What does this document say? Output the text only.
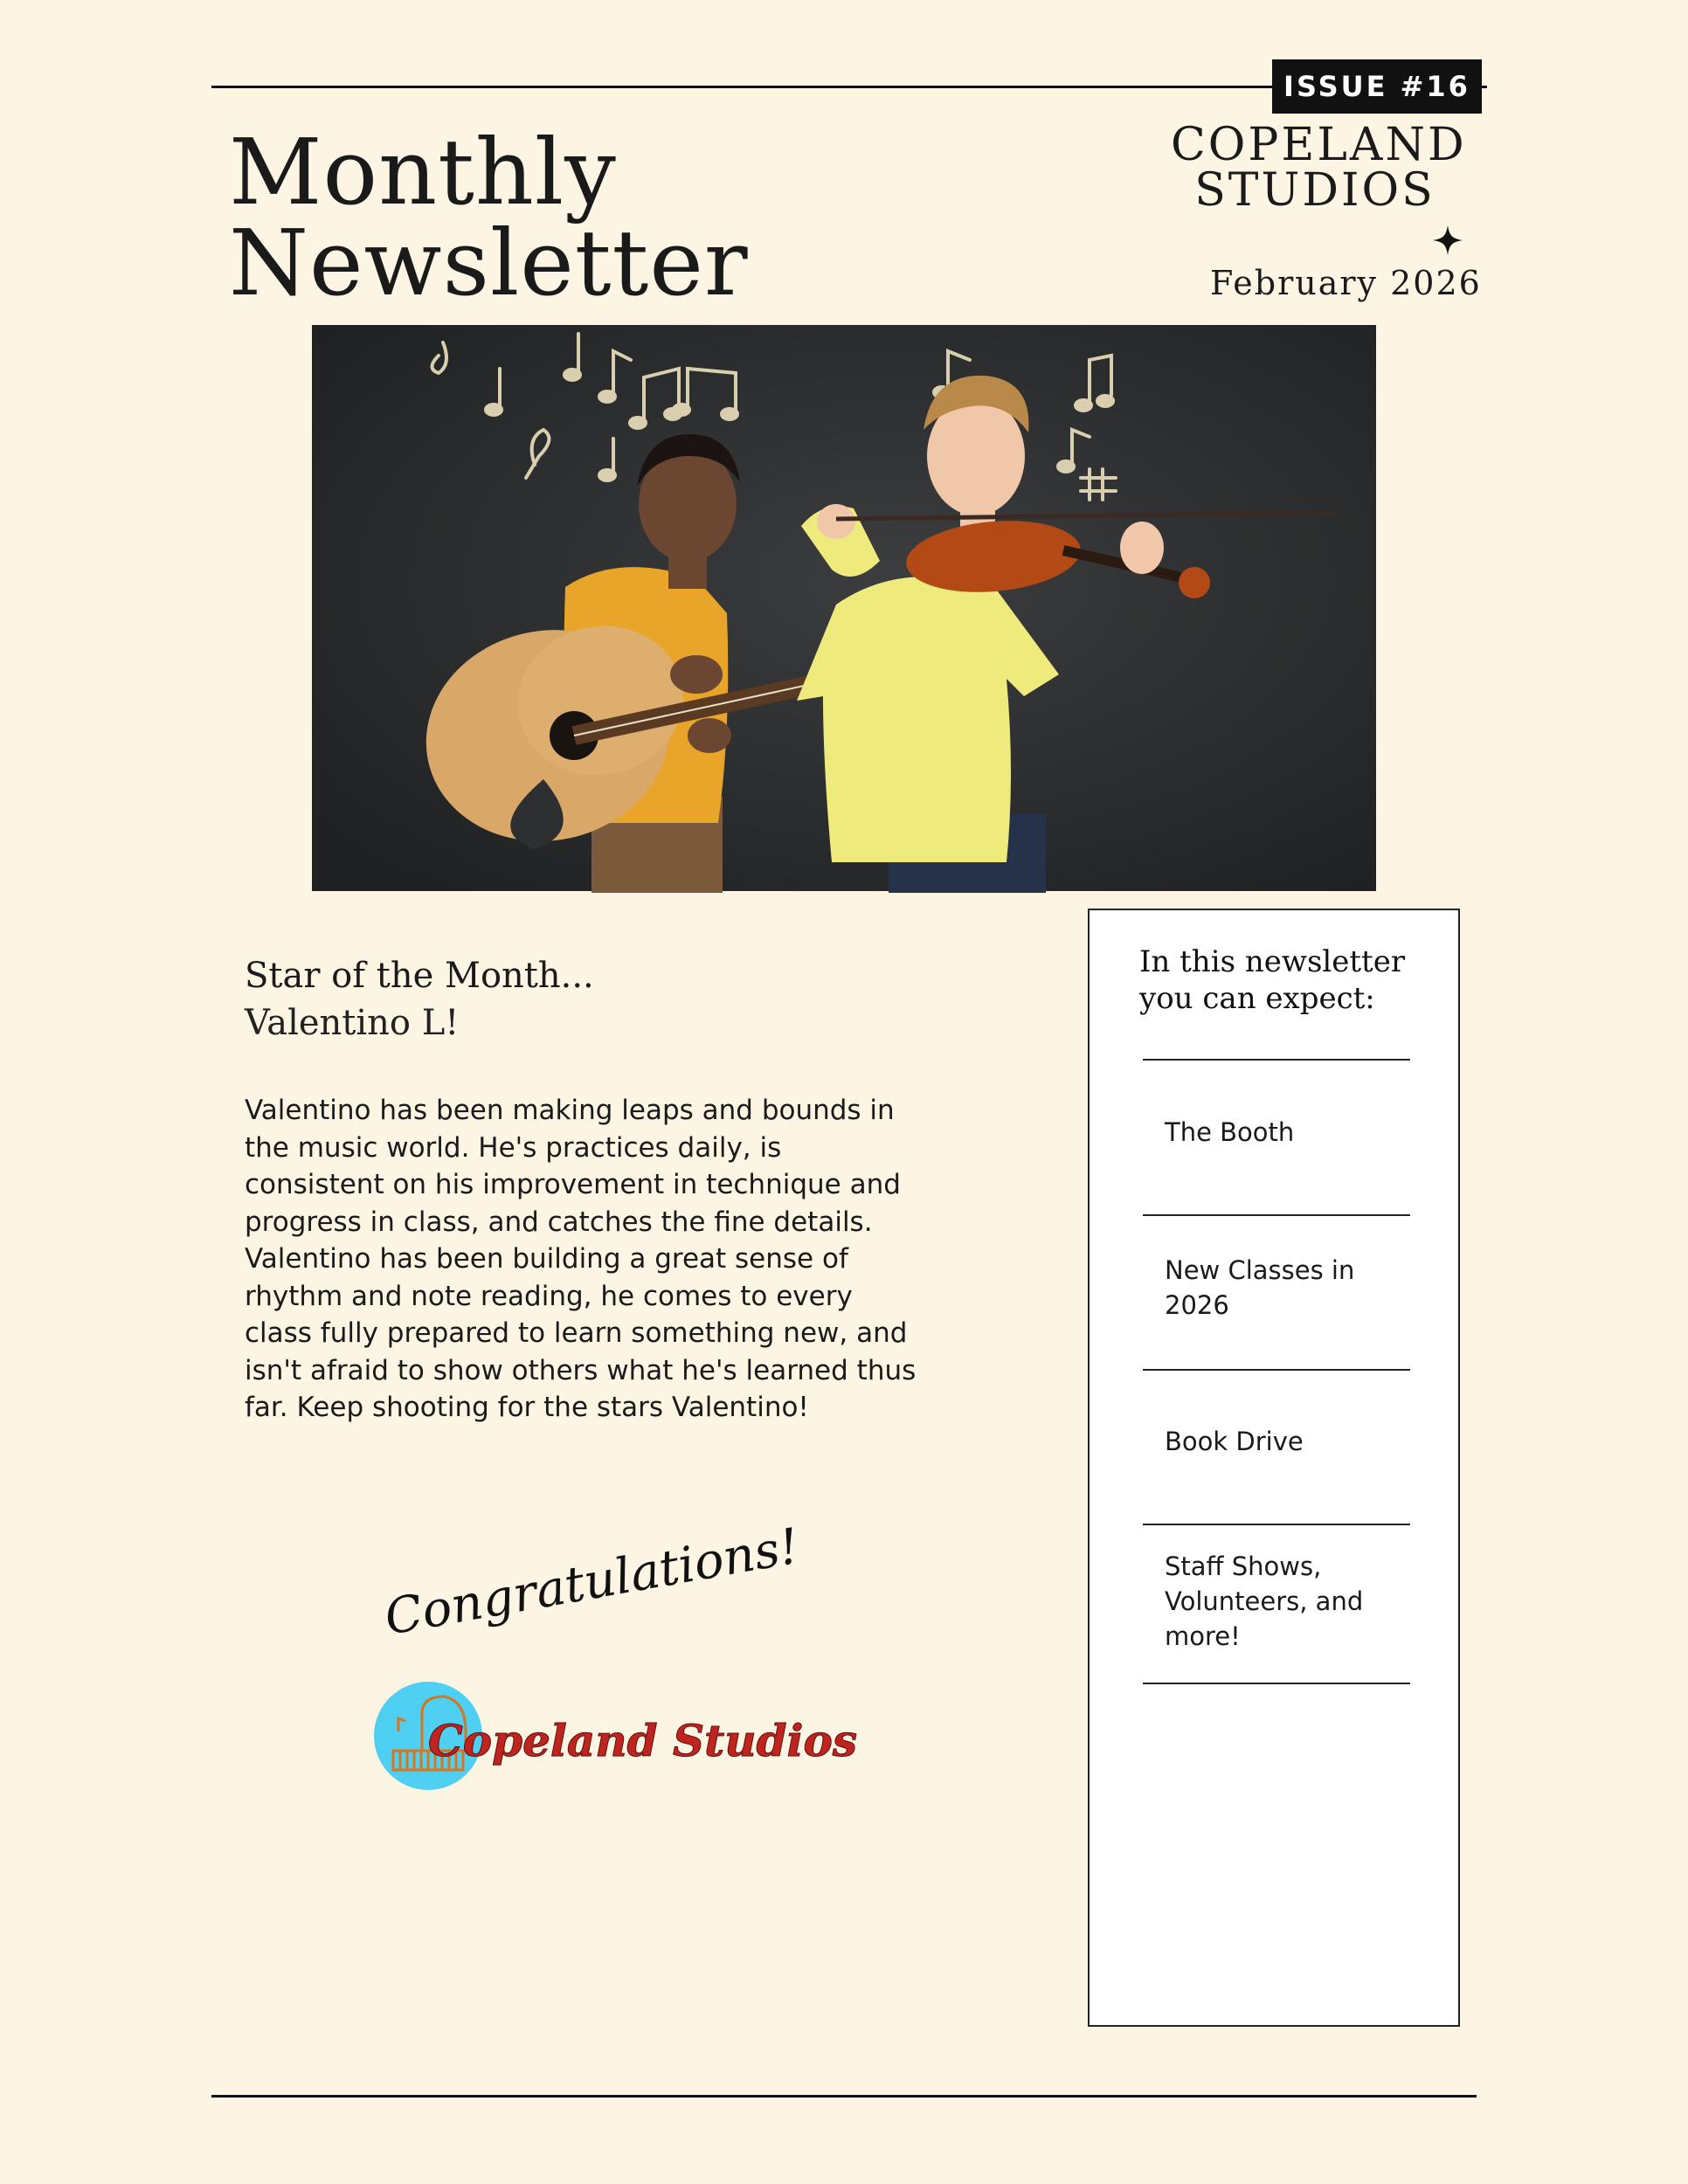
ISSUE #16
Monthly
Newsletter
COPELAND
STUDIOS
February 2026
Star of the Month...
Valentino L!
Valentino has been making leaps and bounds in the music world. He's practices daily, is consistent on his improvement in technique and progress in class, and catches the fine details. Valentino has been building a great sense of rhythm and note reading, he comes to every class fully prepared to learn something new, and isn't afraid to show others what he's learned thus far. Keep shooting for the stars Valentino!
Congratulations!
Copeland Studios
In this newsletter
you can expect:
The Booth
New Classes in 2026
Book Drive
Staff Shows, Volunteers, and more!
